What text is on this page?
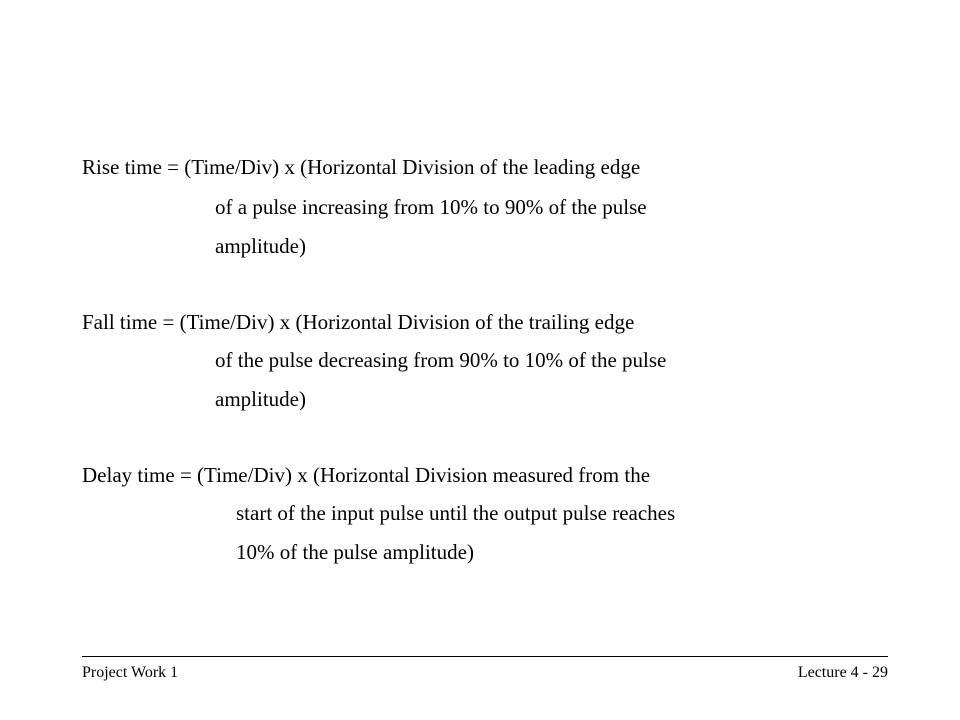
Rise time = (Time/Div) x (Horizontal Division of the leading edge
of a pulse increasing from 10% to 90% of the pulse
amplitude)
Fall time = (Time/Div) x (Horizontal Division of the trailing edge
of the pulse decreasing from 90% to 10% of the pulse
amplitude)
Delay time = (Time/Div) x (Horizontal Division measured from the
start of the input pulse until the output pulse reaches
10% of the pulse amplitude)
Project Work 1	Lecture 4 - 29
